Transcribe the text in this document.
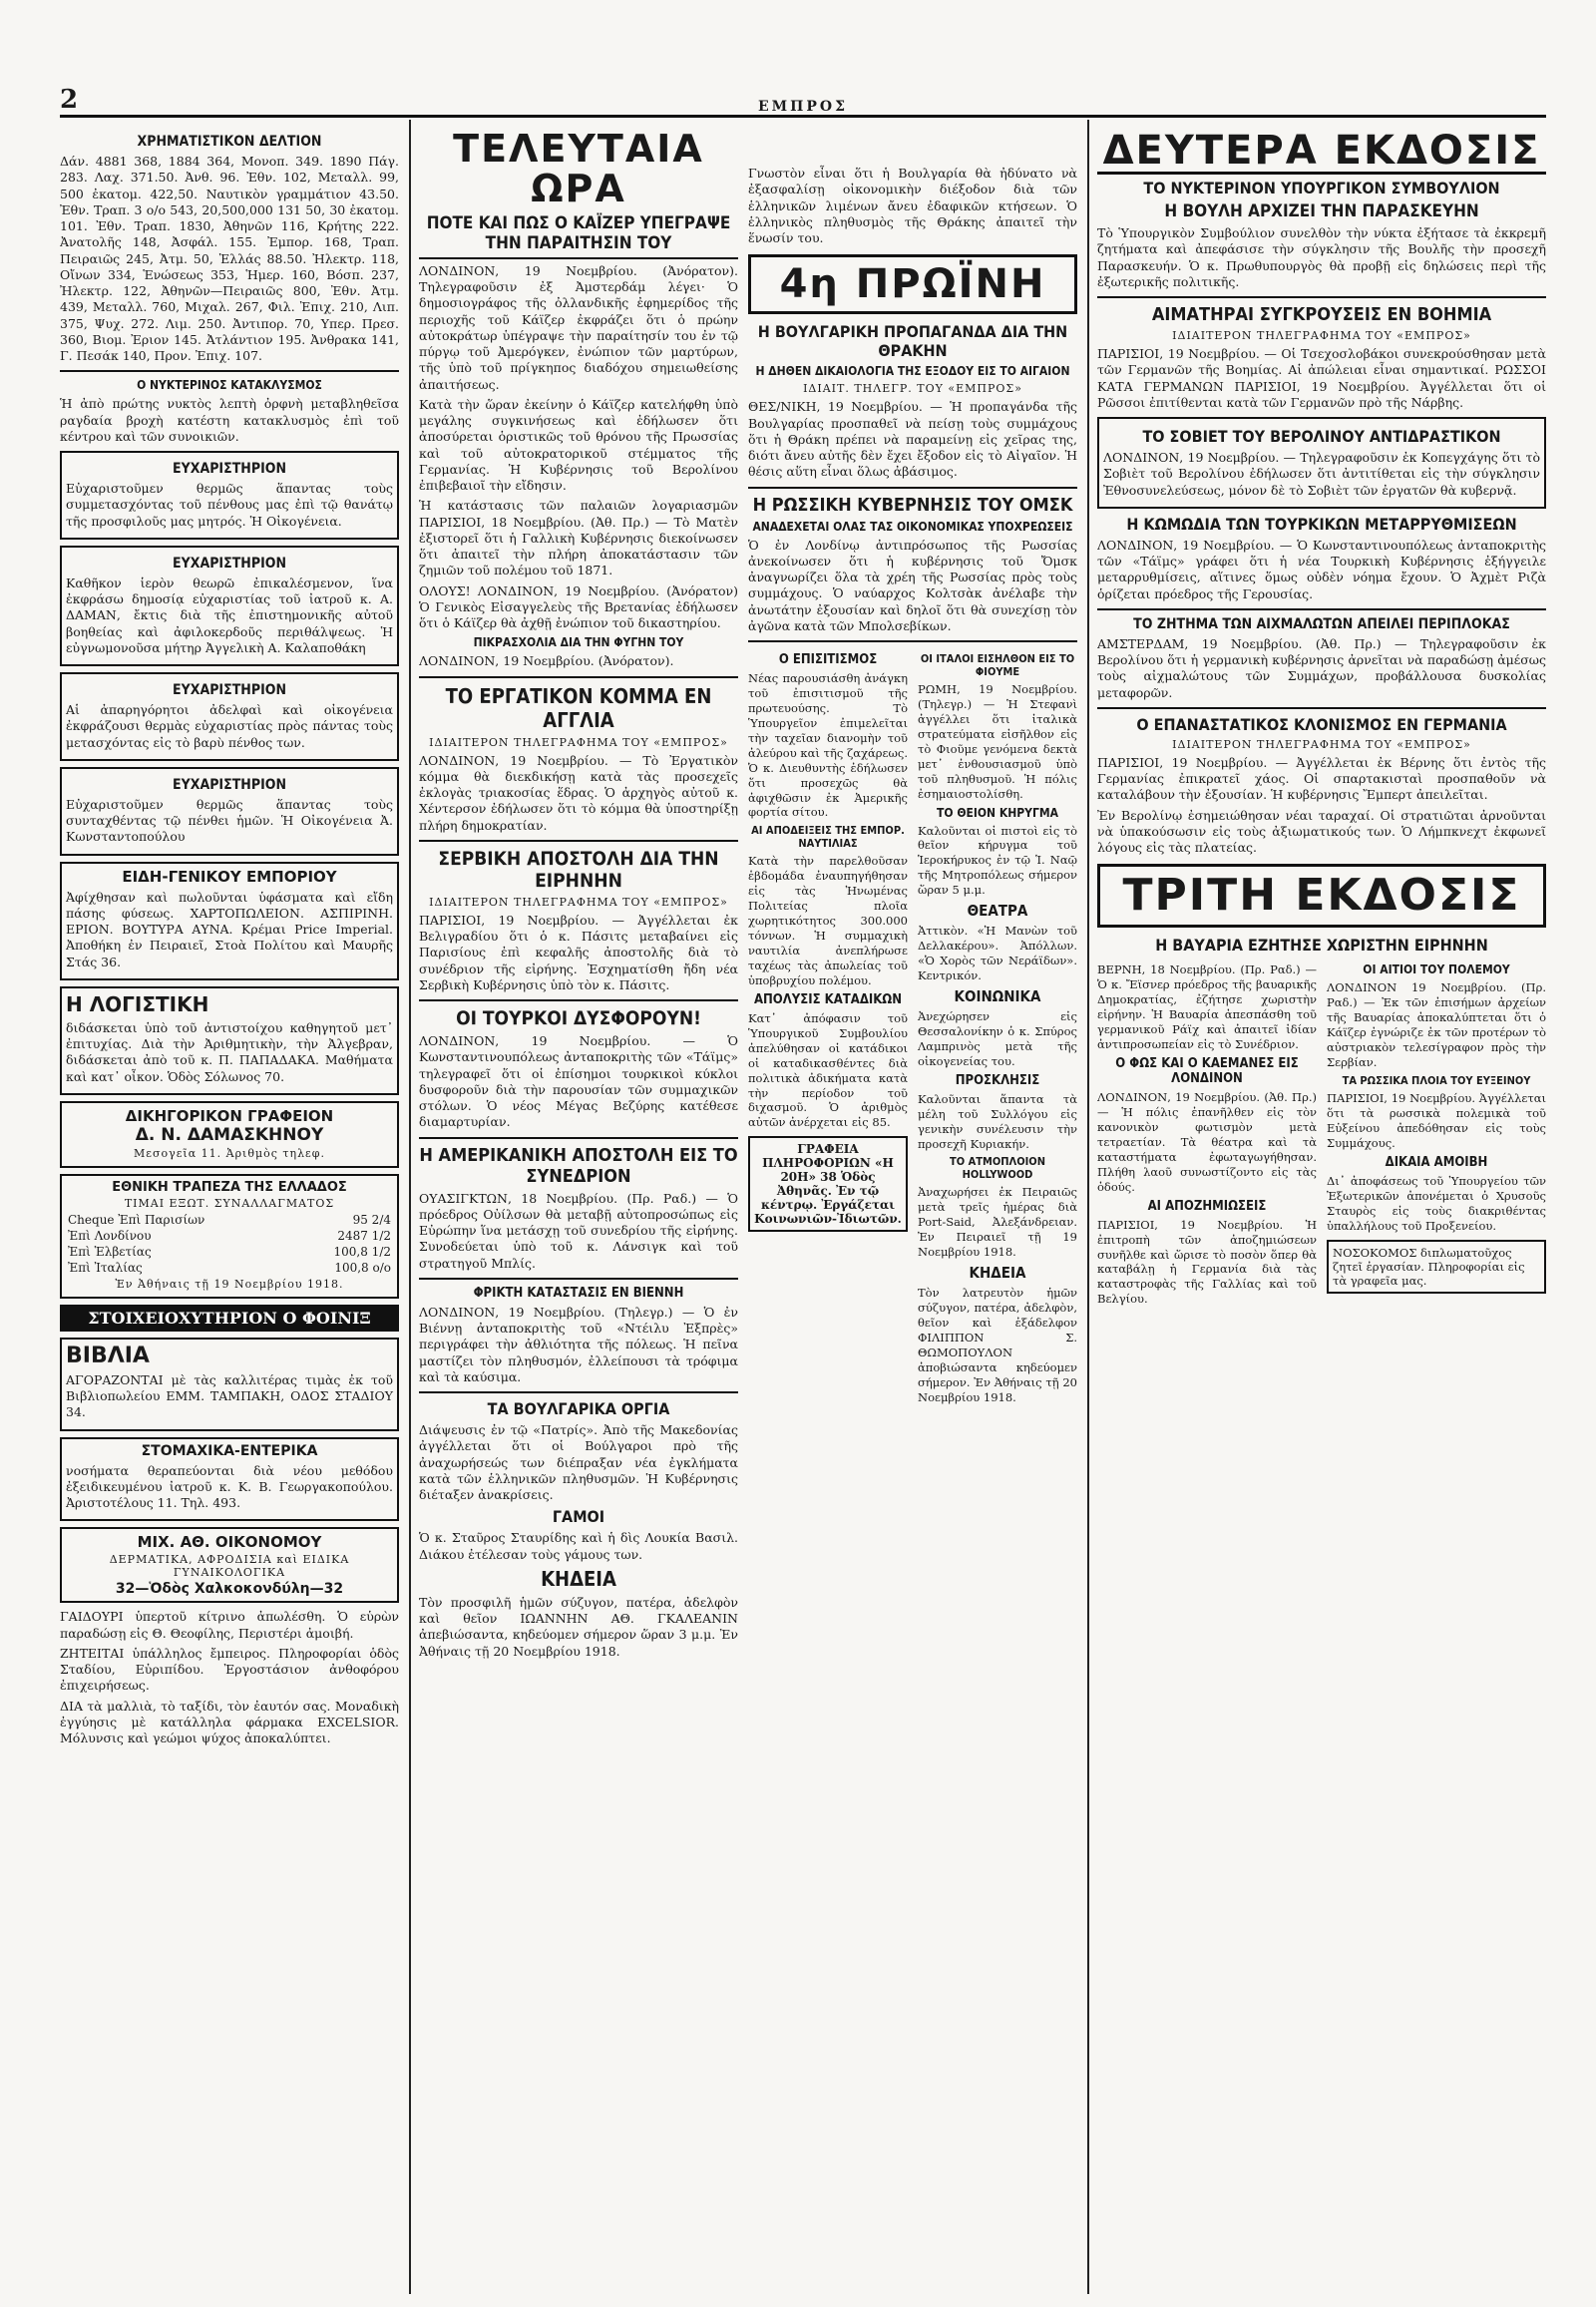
2	ΕΜΠΡΟΣ
ΧΡΗΜΑΤΙΣΤΙΚΟΝ ΔΕΛΤΙΟΝ

Δάν. 4881 368, 1884 364, Μονοπ. 349. 1890 Πάγ. 283. Λαχ. 371.50. Ἀνθ. 96. Ἐθν. 102, Μεταλλ. 99, 500 ἐκατομ. 422,50. Ναυτικὸν γραμμάτιον 43.50. Ἐθν. Τραπ. 3 ο/ο 543, 20,500,000 131 50, 30 ἐκατομ. 101. Ἐθν. Τραπ. 1830, Ἀθηνῶν 116, Κρήτης 222. Ἀνατολῆς 148, Ἀσφάλ. 155. Ἐμπορ. 168, Τραπ. Πειραιῶς 245, Ἀτμ. 50, Ἑλλάς 88.50. Ἠλεκτρ. 118, Οἴνων 334, Ἑνώσεως 353, Ἡμερ. 160, Βόσπ. 237, Ἠλεκτρ. 122, Ἀθηνῶν—Πειραιῶς 800, Ἐθν. Ἀτμ. 439, Μεταλλ. 760, Μιχαλ. 267, Φιλ. Ἐπιχ. 210, Λιπ. 375, Ψυχ. 272. Λιμ. 250. Ἀντιπορ. 70, Υπερ. Πρεσ. 360, Βιομ. Ἐριον 145. Ἀτλάντιον 195. Ἀνθρακα 141, Γ. Πεσάκ 140, Προν. Ἐπιχ. 107.

Ο ΝΥΚΤΕΡΙΝΟΣ ΚΑΤΑΚΛΥΣΜΟΣ

Ἡ ἀπὸ πρώτης νυκτὸς λεπτὴ ὀρφνὴ μεταβληθεῖσα ραγδαία βροχὴ κατέστη κατακλυσμὸς ἐπὶ τοῦ κέντρου καὶ τῶν συνοικιῶν.

ΕΥΧΑΡΙΣΤΗΡΙΟΝ

Εὐχαριστοῦμεν θερμῶς ἅπαντας τοὺς συμμετασχόντας τοῦ πένθους μας ἐπὶ τῷ θανάτῳ τῆς προσφιλοῦς μας μητρός. Ἡ Οἰκογένεια.

ΕΥΧΑΡΙΣΤΗΡΙΟΝ

Καθῆκον ἱερὸν θεωρῶ ἐπικαλέσμενον, ἵνα ἐκφράσω δημοσίᾳ εὐχαριστίας τοῦ ἰατροῦ κ. Α. ΔΑΜΑΝ, ἔκτις διὰ τῆς ἐπιστημονικῆς αὐτοῦ βοηθείας καὶ ἀφιλοκερδοῦς περιθάλψεως. Ἡ εὐγνωμονοῦσα μήτηρ Ἀγγελικὴ Α. Καλαποθάκη

ΕΥΧΑΡΙΣΤΗΡΙΟΝ

Αἱ ἀπαρηγόρητοι ἀδελφαὶ καὶ οἰκογένεια ἐκφράζουσι θερμὰς εὐχαριστίας πρὸς πάντας τοὺς μετασχόντας εἰς τὸ βαρὺ πένθος των.

ΕΥΧΑΡΙΣΤΗΡΙΟΝ

Εὐχαριστοῦμεν θερμῶς ἅπαντας τοὺς συνταχθέντας τῷ πένθει ἡμῶν. Ἡ Οἰκογένεια Ἀ. Κωνσταντοπούλου

ΕΙΔΗ-ΓΕΝΙΚΟΥ ΕΜΠΟΡΙΟΥ

Ἀφίχθησαν καὶ πωλοῦνται ὑφάσματα καὶ εἴδη πάσης φύσεως. ΧΑΡΤΟΠΩΛΕΙΟΝ. ΑΣΠΙΡΙΝΗ. ΕΡΙΟΝ. ΒΟΥΤΥΡΑ ΑΥΝΑ. Κρέμαι Price Imperial. Ἀποθήκη ἐν Πειραιεῖ, Στοὰ Πολίτου καὶ Μαυρῆς Στάς 36.

Η ΛΟΓΙΣΤΙΚΗ

διδάσκεται ὑπὸ τοῦ ἀντιστοίχου καθηγητοῦ μετ᾽ ἐπιτυχίας. Διὰ τὴν Ἀριθμητικὴν, τὴν Ἀλγεβραν, διδάσκεται ἀπὸ τοῦ κ. Π. ΠΑΠΑΔΑΚΑ. Μαθήματα καὶ κατ᾽ οἶκον. Ὁδὸς Σόλωνος 70.

ΔΙΚΗΓΟΡΙΚΟΝ ΓΡΑΦΕΙΟΝ
Δ. Ν. ΔΑΜΑΣΚΗΝΟΥ
Μεσογεῖα 11. Ἀριθμὸς τηλεφ.
ΕΘΝΙΚΗ ΤΡΑΠΕΖΑ ΤΗΣ ΕΛΛΑΔΟΣ
ΤΙΜΑΙ ΕΞΩΤ. ΣΥΝΑΛΛΑΓΜΑΤΟΣ
Cheque Ἐπὶ Παρισίων	95 2/4
Ἐπὶ Λονδίνου	2487 1/2
Ἐπὶ Ἑλβετίας	100,8 1/2
Ἐπὶ Ἰταλίας	100,8 o/o
Ἐν Ἀθήναις τῇ 19 Νοεμβρίου 1918.
ΣΤΟΙΧΕΙΟΧΥΤΗΡΙΟΝ Ο ΦΟΙΝΙΞ
ΒΙΒΛΙΑ

ΑΓΟΡΑΖΟΝΤΑΙ μὲ τὰς καλλιτέρας τιμὰς ἐκ τοῦ Βιβλιοπωλείου ΕΜΜ. ΤΑΜΠΑΚΗ, ΟΔΟΣ ΣΤΑΔΙΟΥ 34.

ΣΤΟΜΑΧΙΚΑ-ΕΝΤΕΡΙΚΑ

νοσήματα θεραπεύονται διὰ νέου μεθόδου ἐξειδικευμένου ἰατροῦ κ. Κ. Β. Γεωργακοπούλου. Ἀριστοτέλους 11. Τηλ. 493.

ΜΙΧ. ΑΘ. ΟΙΚΟΝΟΜΟΥ
ΔΕΡΜΑΤΙΚΑ, ΑΦΡΟΔΙΣΙΑ καὶ ΕΙΔΙΚΑ ΓΥΝΑΙΚΟΛΟΓΙΚΑ
32—Ὁδὸς Χαλκοκονδύλη—32

ΓΑΙΔΟΥΡΙ ὑπερτοῦ κίτρινο ἀπωλέσθη. Ὁ εὑρὼν παραδώσῃ εἰς Θ. Θεοφίλης, Περιστέρι ἀμοιβή.

ΖΗΤΕΙΤΑΙ ὑπάλληλος ἔμπειρος. Πληροφορίαι ὁδὸς Σταδίου, Εὐριπίδου. Ἐργοστάσιον ἀνθοφόρου ἐπιχειρήσεως.

ΔΙΑ τὰ μαλλιὰ, τὸ ταξίδι, τὸν ἐαυτόν σας. Μοναδικὴ ἐγγύησις μὲ κατάλληλα φάρμακα EXCELSIOR. Μόλυνσις καὶ γεώμοι ψύχος ἀποκαλύπτει.

ΤΕΛΕΥΤΑΙΑ ΩΡΑ
ΠΟΤΕ ΚΑΙ ΠΩΣ Ο ΚΑΪΖΕΡ ΥΠΕΓΡΑΨΕ ΤΗΝ ΠΑΡΑΙΤΗΣΙΝ ΤΟΥ

ΛΟΝΔΙΝΟΝ, 19 Νοεμβρίου. (Ἀνόρατον). Τηλεγραφοῦσιν ἐξ Ἀμστερδάμ λέγει· Ὁ δημοσιογράφος τῆς ὀλλανδικῆς ἐφημερίδος τῆς περιοχῆς τοῦ Κάϊζερ ἐκφράζει ὅτι ὁ πρώην αὐτοκράτωρ ὑπέγραψε τὴν παραίτησίν του ἐν τῷ πύργῳ τοῦ Ἀμερόγκεν, ἐνώπιον τῶν μαρτύρων, τῆς ὑπὸ τοῦ πρίγκηπος διαδόχου σημειωθείσης ἀπαιτήσεως.

Κατὰ τὴν ὥραν ἐκείνην ὁ Κάϊζερ κατελήφθη ὑπὸ μεγάλης συγκινήσεως καὶ ἐδήλωσεν ὅτι ἀποσύρεται ὁριστικῶς τοῦ θρόνου τῆς Πρωσσίας καὶ τοῦ αὐτοκρατορικοῦ στέμματος τῆς Γερμανίας. Ἡ Κυβέρνησις τοῦ Βερολίνου ἐπιβεβαιοῖ τὴν εἴδησιν.

Ἡ κατάστασις τῶν παλαιῶν λογαριασμῶν ΠΑΡΙΣΙΟΙ, 18 Νοεμβρίου. (Ἀθ. Πρ.) — Τὸ Ματὲν ἐξιστορεῖ ὅτι ἡ Γαλλικὴ Κυβέρνησις διεκοίνωσεν ὅτι ἀπαιτεῖ τὴν πλήρη ἀποκατάστασιν τῶν ζημιῶν τοῦ πολέμου τοῦ 1871.

ΟΛΟΥΣ! ΛΟΝΔΙΝΟΝ, 19 Νοεμβρίου. (Ἀνόρατον) Ὁ Γενικὸς Εἰσαγγελεὺς τῆς Βρετανίας ἐδήλωσεν ὅτι ὁ Κάϊζερ θὰ ἀχθῇ ἐνώπιον τοῦ δικαστηρίου.

ΠΙΚΡΑΣΧΟΛΙΑ ΔΙΑ ΤΗΝ ΦΥΓΗΝ ΤΟΥ

ΛΟΝΔΙΝΟΝ, 19 Νοεμβρίου. (Ἀνόρατον).

ΤΟ ΕΡΓΑΤΙΚΟΝ ΚΟΜΜΑ ΕΝ ΑΓΓΛΙΑ
ΙΔΙΑΙΤΕΡΟΝ ΤΗΛΕΓΡΑΦΗΜΑ ΤΟΥ «ΕΜΠΡΟΣ»

ΛΟΝΔΙΝΟΝ, 19 Νοεμβρίου. — Τὸ Ἐργατικὸν κόμμα θὰ διεκδικήσῃ κατὰ τὰς προσεχεῖς ἐκλογὰς τριακοσίας ἕδρας. Ὁ ἀρχηγὸς αὐτοῦ κ. Χέντερσον ἐδήλωσεν ὅτι τὸ κόμμα θὰ ὑποστηρίξῃ πλήρη δημοκρατίαν.

ΣΕΡΒΙΚΗ ΑΠΟΣΤΟΛΗ ΔΙΑ ΤΗΝ ΕΙΡΗΝΗΝ
ΙΔΙΑΙΤΕΡΟΝ ΤΗΛΕΓΡΑΦΗΜΑ ΤΟΥ «ΕΜΠΡΟΣ»

ΠΑΡΙΣΙΟΙ, 19 Νοεμβρίου. — Ἀγγέλλεται ἐκ Βελιγραδίου ὅτι ὁ κ. Πάσιτς μεταβαίνει εἰς Παρισίους ἐπὶ κεφαλῆς ἀποστολῆς διὰ τὸ συνέδριον τῆς εἰρήνης. Ἐσχηματίσθη ἤδη νέα Σερβικὴ Κυβέρνησις ὑπὸ τὸν κ. Πάσιτς.

ΟΙ ΤΟΥΡΚΟΙ ΔΥΣΦΟΡΟΥΝ!

ΛΟΝΔΙΝΟΝ, 19 Νοεμβρίου. — Ὁ Κωνσταντινουπόλεως ἀνταποκριτὴς τῶν «Τάϊμς» τηλεγραφεῖ ὅτι οἱ ἐπίσημοι τουρκικοὶ κύκλοι δυσφοροῦν διὰ τὴν παρουσίαν τῶν συμμαχικῶν στόλων. Ὁ νέος Μέγας Βεζύρης κατέθεσε διαμαρτυρίαν.

Η ΑΜΕΡΙΚΑΝΙΚΗ ΑΠΟΣΤΟΛΗ ΕΙΣ ΤΟ ΣΥΝΕΔΡΙΟΝ

ΟΥΑΣΙΓΚΤΩΝ, 18 Νοεμβρίου. (Πρ. Ραδ.) — Ὁ πρόεδρος Οὐίλσων θὰ μεταβῇ αὐτοπροσώπως εἰς Εὐρώπην ἵνα μετάσχῃ τοῦ συνεδρίου τῆς εἰρήνης. Συνοδεύεται ὑπὸ τοῦ κ. Λάνσιγκ καὶ τοῦ στρατηγοῦ Μπλίς.

ΦΡΙΚΤΗ ΚΑΤΑΣΤΑΣΙΣ ΕΝ ΒΙΕΝΝΗ

ΛΟΝΔΙΝΟΝ, 19 Νοεμβρίου. (Τηλεγρ.) — Ὁ ἐν Βιέννῃ ἀνταποκριτὴς τοῦ «Ντέιλυ Ἐξπρὲς» περιγράφει τὴν ἀθλιότητα τῆς πόλεως. Ἡ πεῖνα μαστίζει τὸν πληθυσμόν, ἐλλείπουσι τὰ τρόφιμα καὶ τὰ καύσιμα.

ΤΑ ΒΟΥΛΓΑΡΙΚΑ ΟΡΓΙΑ

Διάψευσις ἐν τῷ «Πατρίς». Ἀπὸ τῆς Μακεδονίας ἀγγέλλεται ὅτι οἱ Βούλγαροι πρὸ τῆς ἀναχωρήσεώς των διέπραξαν νέα ἐγκλήματα κατὰ τῶν ἑλληνικῶν πληθυσμῶν. Ἡ Κυβέρνησις διέταξεν ἀνακρίσεις.

ΓΑΜΟΙ

Ὁ κ. Σταῦρος Σταυρίδης καὶ ἡ δὶς Λουκία Βασιλ. Διάκου ἐτέλεσαν τοὺς γάμους των.

ΚΗΔΕΙΑ

Τὸν προσφιλῆ ἡμῶν σύζυγον, πατέρα, ἀδελφὸν καὶ θεῖον ΙΩΑΝΝΗΝ ΑΘ. ΓΚΑΛΕΑΝΙΝ ἀπεβιώσαντα, κηδεύομεν σήμερον ὥραν 3 μ.μ. Ἐν Ἀθήναις τῇ 20 Νοεμβρίου 1918.

Γνωστὸν εἶναι ὅτι ἡ Βουλγαρία θὰ ἠδύνατο νὰ ἐξασφαλίσῃ οἰκονομικὴν διέξοδον διὰ τῶν ἑλληνικῶν λιμένων ἄνευ ἐδαφικῶν κτήσεων. Ὁ ἑλληνικὸς πληθυσμὸς τῆς Θράκης ἀπαιτεῖ τὴν ἕνωσίν του.

4η ΠΡΩΪΝΗ
Η ΒΟΥΛΓΑΡΙΚΗ ΠΡΟΠΑΓΑΝΔΑ ΔΙΑ ΤΗΝ ΘΡΑΚΗΝ
Η ΔΗΘΕΝ ΔΙΚΑΙΟΛΟΓΙΑ ΤΗΣ ΕΞΟΔΟΥ ΕΙΣ ΤΟ ΑΙΓΑΙΟΝ
ΙΔΙΑΙΤ. ΤΗΛΕΓΡ. ΤΟΥ «ΕΜΠΡΟΣ»

ΘΕΣ/ΝΙΚΗ, 19 Νοεμβρίου. — Ἡ προπαγάνδα τῆς Βουλγαρίας προσπαθεῖ νὰ πείσῃ τοὺς συμμάχους ὅτι ἡ Θράκη πρέπει νὰ παραμείνῃ εἰς χεῖρας της, διότι ἄνευ αὐτῆς δὲν ἔχει ἔξοδον εἰς τὸ Αἰγαῖον. Ἡ θέσις αὕτη εἶναι ὅλως ἀβάσιμος.

Η ΡΩΣΣΙΚΗ ΚΥΒΕΡΝΗΣΙΣ ΤΟΥ ΟΜΣΚ
ΑΝΑΔΕΧΕΤΑΙ ΟΛΑΣ ΤΑΣ ΟΙΚΟΝΟΜΙΚΑΣ ΥΠΟΧΡΕΩΣΕΙΣ

Ὁ ἐν Λονδίνῳ ἀντιπρόσωπος τῆς Ρωσσίας ἀνεκοίνωσεν ὅτι ἡ κυβέρνησις τοῦ Ὄμσκ ἀναγνωρίζει ὅλα τὰ χρέη τῆς Ρωσσίας πρὸς τοὺς συμμάχους. Ὁ ναύαρχος Κολτσὰκ ἀνέλαβε τὴν ἀνωτάτην ἐξουσίαν καὶ δηλοῖ ὅτι θὰ συνεχίσῃ τὸν ἀγῶνα κατὰ τῶν Μπολσεβίκων.

Ο ΕΠΙΣΙΤΙΣΜΟΣ

Νέας παρουσιάσθη ἀνάγκη τοῦ ἐπισιτισμοῦ τῆς πρωτευούσης. Τὸ Ὑπουργεῖον ἐπιμελεῖται τὴν ταχεῖαν διανομὴν τοῦ ἀλεύρου καὶ τῆς ζαχάρεως. Ὁ κ. Διευθυντὴς ἐδήλωσεν ὅτι προσεχῶς θὰ ἀφιχθῶσιν ἐκ Ἀμερικῆς φορτία σίτου.

ΑΙ ΑΠΟΔΕΙΞΕΙΣ ΤΗΣ ΕΜΠΟΡ. ΝΑΥΤΙΛΙΑΣ

Κατὰ τὴν παρελθοῦσαν ἑβδομάδα ἐναυπηγήθησαν εἰς τὰς Ἡνωμένας Πολιτείας πλοῖα χωρητικότητος 300.000 τόννων. Ἡ συμμαχικὴ ναυτιλία ἀνεπλήρωσε ταχέως τὰς ἀπωλείας τοῦ ὑποβρυχίου πολέμου.

ΑΠΟΛΥΣΙΣ ΚΑΤΑΔΙΚΩΝ

Κατ᾽ ἀπόφασιν τοῦ Ὑπουργικοῦ Συμβουλίου ἀπελύθησαν οἱ κατάδικοι οἱ καταδικασθέντες διὰ πολιτικὰ ἀδικήματα κατὰ τὴν περίοδον τοῦ διχασμοῦ. Ὁ ἀριθμὸς αὐτῶν ἀνέρχεται εἰς 85.

ΓΡΑΦΕΙΑ ΠΛΗΡΟΦΟΡΙΩΝ «Η 20Η» 38 Ὁδὸς Ἀθηνᾶς. Ἐν τῷ κέντρῳ. Ἐργάζεται Κοινωνιῶν-Ἰδιωτῶν.
ΟΙ ΙΤΑΛΟΙ ΕΙΣΗΛΘΟΝ ΕΙΣ ΤΟ ΦΙΟΥΜΕ

ΡΩΜΗ, 19 Νοεμβρίου. (Τηλεγρ.) — Ἡ Στεφανὶ ἀγγέλλει ὅτι ἰταλικὰ στρατεύματα εἰσῆλθον εἰς τὸ Φιοῦμε γενόμενα δεκτὰ μετ᾽ ἐνθουσιασμοῦ ὑπὸ τοῦ πληθυσμοῦ. Ἡ πόλις ἐσημαιοστολίσθη.

ΤΟ ΘΕΙΟΝ ΚΗΡΥΓΜΑ

Καλοῦνται οἱ πιστοὶ εἰς τὸ θεῖον κήρυγμα τοῦ Ἱεροκήρυκος ἐν τῷ Ἱ. Ναῷ τῆς Μητροπόλεως σήμερον ὥραν 5 μ.μ.

ΘΕΑΤΡΑ

Ἀττικὸν. «Ἡ Μανὼν τοῦ Δελλακέρου». Ἀπόλλων. «Ὁ Χορὸς τῶν Νεράϊδων». Κεντρικόν.

ΚΟΙΝΩΝΙΚΑ

Ἀνεχώρησεν εἰς Θεσσαλονίκην ὁ κ. Σπύρος Λαμπρινὸς μετὰ τῆς οἰκογενείας του.

ΠΡΟΣΚΛΗΣΙΣ

Καλοῦνται ἅπαντα τὰ μέλη τοῦ Συλλόγου εἰς γενικὴν συνέλευσιν τὴν προσεχῆ Κυριακήν.

ΤΟ ΑΤΜΟΠΛΟΙΟΝ HOLLYWOOD

Ἀναχωρήσει ἐκ Πειραιῶς μετὰ τρεῖς ἡμέρας διὰ Port-Said, Ἀλεξάνδρειαν. Ἐν Πειραιεῖ τῇ 19 Νοεμβρίου 1918.

ΚΗΔΕΙΑ

Τὸν λατρευτὸν ἡμῶν σύζυγον, πατέρα, ἀδελφὸν, θεῖον καὶ ἐξάδελφον ΦΙΛΙΠΠΟΝ Σ. ΘΩΜΟΠΟΥΛΟΝ ἀποβιώσαντα κηδεύομεν σήμερον. Ἐν Ἀθήναις τῇ 20 Νοεμβρίου 1918.

ΔΕΥΤΕΡΑ ΕΚΔΟΣΙΣ
ΤΟ ΝΥΚΤΕΡΙΝΟΝ ΥΠΟΥΡΓΙΚΟΝ ΣΥΜΒΟΥΛΙΟΝ
Η ΒΟΥΛΗ ΑΡΧΙΖΕΙ ΤΗΝ ΠΑΡΑΣΚΕΥΗΝ

Τὸ Ὑπουργικὸν Συμβούλιον συνελθὸν τὴν νύκτα ἐξήτασε τὰ ἐκκρεμῆ ζητήματα καὶ ἀπεφάσισε τὴν σύγκλησιν τῆς Βουλῆς τὴν προσεχῆ Παρασκευήν. Ὁ κ. Πρωθυπουργὸς θὰ προβῇ εἰς δηλώσεις περὶ τῆς ἐξωτερικῆς πολιτικῆς.

ΑΙΜΑΤΗΡΑΙ ΣΥΓΚΡΟΥΣΕΙΣ ΕΝ ΒΟΗΜΙΑ
ΙΔΙΑΙΤΕΡΟΝ ΤΗΛΕΓΡΑΦΗΜΑ ΤΟΥ «ΕΜΠΡΟΣ»

ΠΑΡΙΣΙΟΙ, 19 Νοεμβρίου. — Οἱ Τσεχοσλοβάκοι συνεκρούσθησαν μετὰ τῶν Γερμανῶν τῆς Βοημίας. Αἱ ἀπώλειαι εἶναι σημαντικαί. ΡΩΣΣΟΙ ΚΑΤΑ ΓΕΡΜΑΝΩΝ ΠΑΡΙΣΙΟΙ, 19 Νοεμβρίου. Ἀγγέλλεται ὅτι οἱ Ρῶσσοι ἐπιτίθενται κατὰ τῶν Γερμανῶν πρὸ τῆς Νάρβης.

ΤΟ ΣΟΒΙΕΤ ΤΟΥ ΒΕΡΟΛΙΝΟΥ ΑΝΤΙΔΡΑΣΤΙΚΟΝ

ΛΟΝΔΙΝΟΝ, 19 Νοεμβρίου. — Τηλεγραφοῦσιν ἐκ Κοπεγχάγης ὅτι τὸ Σοβιὲτ τοῦ Βερολίνου ἐδήλωσεν ὅτι ἀντιτίθεται εἰς τὴν σύγκλησιν Ἐθνοσυνελεύσεως, μόνον δὲ τὸ Σοβιὲτ τῶν ἐργατῶν θὰ κυβερνᾷ.

Η ΚΩΜΩΔΙΑ ΤΩΝ ΤΟΥΡΚΙΚΩΝ ΜΕΤΑΡΡΥΘΜΙΣΕΩΝ

ΛΟΝΔΙΝΟΝ, 19 Νοεμβρίου. — Ὁ Κωνσταντινουπόλεως ἀνταποκριτὴς τῶν «Τάϊμς» γράφει ὅτι ἡ νέα Τουρκικὴ Κυβέρνησις ἐξήγγειλε μεταρρυθμίσεις, αἵτινες ὅμως οὐδὲν νόημα ἔχουν. Ὁ Ἀχμὲτ Ριζὰ ὁρίζεται πρόεδρος τῆς Γερουσίας.

ΤΟ ΖΗΤΗΜΑ ΤΩΝ ΑΙΧΜΑΛΩΤΩΝ ΑΠΕΙΛΕΙ ΠΕΡΙΠΛΟΚΑΣ

ΑΜΣΤΕΡΔΑΜ, 19 Νοεμβρίου. (Ἀθ. Πρ.) — Τηλεγραφοῦσιν ἐκ Βερολίνου ὅτι ἡ γερμανικὴ κυβέρνησις ἀρνεῖται νὰ παραδώσῃ ἀμέσως τοὺς αἰχμαλώτους τῶν Συμμάχων, προβάλλουσα δυσκολίας μεταφορῶν.

Ο ΕΠΑΝΑΣΤΑΤΙΚΟΣ ΚΛΟΝΙΣΜΟΣ ΕΝ ΓΕΡΜΑΝΙΑ
ΙΔΙΑΙΤΕΡΟΝ ΤΗΛΕΓΡΑΦΗΜΑ ΤΟΥ «ΕΜΠΡΟΣ»

ΠΑΡΙΣΙΟΙ, 19 Νοεμβρίου. — Ἀγγέλλεται ἐκ Βέρνης ὅτι ἐντὸς τῆς Γερμανίας ἐπικρατεῖ χάος. Οἱ σπαρτακισταὶ προσπαθοῦν νὰ καταλάβουν τὴν ἐξουσίαν. Ἡ κυβέρνησις Ἔμπερτ ἀπειλεῖται.

Ἐν Βερολίνῳ ἐσημειώθησαν νέαι ταραχαί. Οἱ στρατιῶται ἀρνοῦνται νὰ ὑπακούσωσιν εἰς τοὺς ἀξιωματικούς των. Ὁ Λήμπκνεχτ ἐκφωνεῖ λόγους εἰς τὰς πλατείας.

ΤΡΙΤΗ ΕΚΔΟΣΙΣ
Η ΒΑΥΑΡΙΑ ΕΖΗΤΗΣΕ ΧΩΡΙΣΤΗΝ ΕΙΡΗΝΗΝ

ΒΕΡΝΗ, 18 Νοεμβρίου. (Πρ. Ραδ.) — Ὁ κ. Ἔϊσνερ πρόεδρος τῆς βαυαρικῆς Δημοκρατίας, ἐζήτησε χωριστὴν εἰρήνην. Ἡ Βαυαρία ἀπεσπάσθη τοῦ γερμανικοῦ Ράϊχ καὶ ἀπαιτεῖ ἰδίαν ἀντιπροσωπείαν εἰς τὸ Συνέδριον.

Ο ΦΩΣ ΚΑΙ Ο ΚΑΕΜΑΝΕΣ ΕΙΣ ΛΟΝΔΙΝΟΝ

ΛΟΝΔΙΝΟΝ, 19 Νοεμβρίου. (Ἀθ. Πρ.) — Ἡ πόλις ἐπανῆλθεν εἰς τὸν κανονικὸν φωτισμὸν μετὰ τετραετίαν. Τὰ θέατρα καὶ τὰ καταστήματα ἐφωταγωγήθησαν. Πλήθη λαοῦ συνωστίζοντο εἰς τὰς ὁδούς.

ΑΙ ΑΠΟΖΗΜΙΩΣΕΙΣ

ΠΑΡΙΣΙΟΙ, 19 Νοεμβρίου. Ἡ ἐπιτροπὴ τῶν ἀποζημιώσεων συνῆλθε καὶ ὥρισε τὸ ποσὸν ὅπερ θὰ καταβάλῃ ἡ Γερμανία διὰ τὰς καταστροφὰς τῆς Γαλλίας καὶ τοῦ Βελγίου.

ΟΙ ΑΙΤΙΟΙ ΤΟΥ ΠΟΛΕΜΟΥ

ΛΟΝΔΙΝΟΝ 19 Νοεμβρίου. (Πρ. Ραδ.) — Ἐκ τῶν ἐπισήμων ἀρχείων τῆς Βαυαρίας ἀποκαλύπτεται ὅτι ὁ Κάϊζερ ἐγνώριζε ἐκ τῶν προτέρων τὸ αὐστριακὸν τελεσίγραφον πρὸς τὴν Σερβίαν.

ΤΑ ΡΩΣΣΙΚΑ ΠΛΟΙΑ ΤΟΥ ΕΥΞΕΙΝΟΥ

ΠΑΡΙΣΙΟΙ, 19 Νοεμβρίου. Ἀγγέλλεται ὅτι τὰ ρωσσικὰ πολεμικὰ τοῦ Εὐξείνου ἀπεδόθησαν εἰς τοὺς Συμμάχους.

ΔΙΚΑΙΑ ΑΜΟΙΒΗ

Δι᾽ ἀποφάσεως τοῦ Ὑπουργείου τῶν Ἐξωτερικῶν ἀπονέμεται ὁ Χρυσοῦς Σταυρὸς εἰς τοὺς διακριθέντας ὑπαλλήλους τοῦ Προξενείου.

ΝΟΣΟΚΟΜΟΣ διπλωματοῦχος ζητεῖ ἐργασίαν. Πληροφορίαι εἰς τὰ γραφεῖα μας.
